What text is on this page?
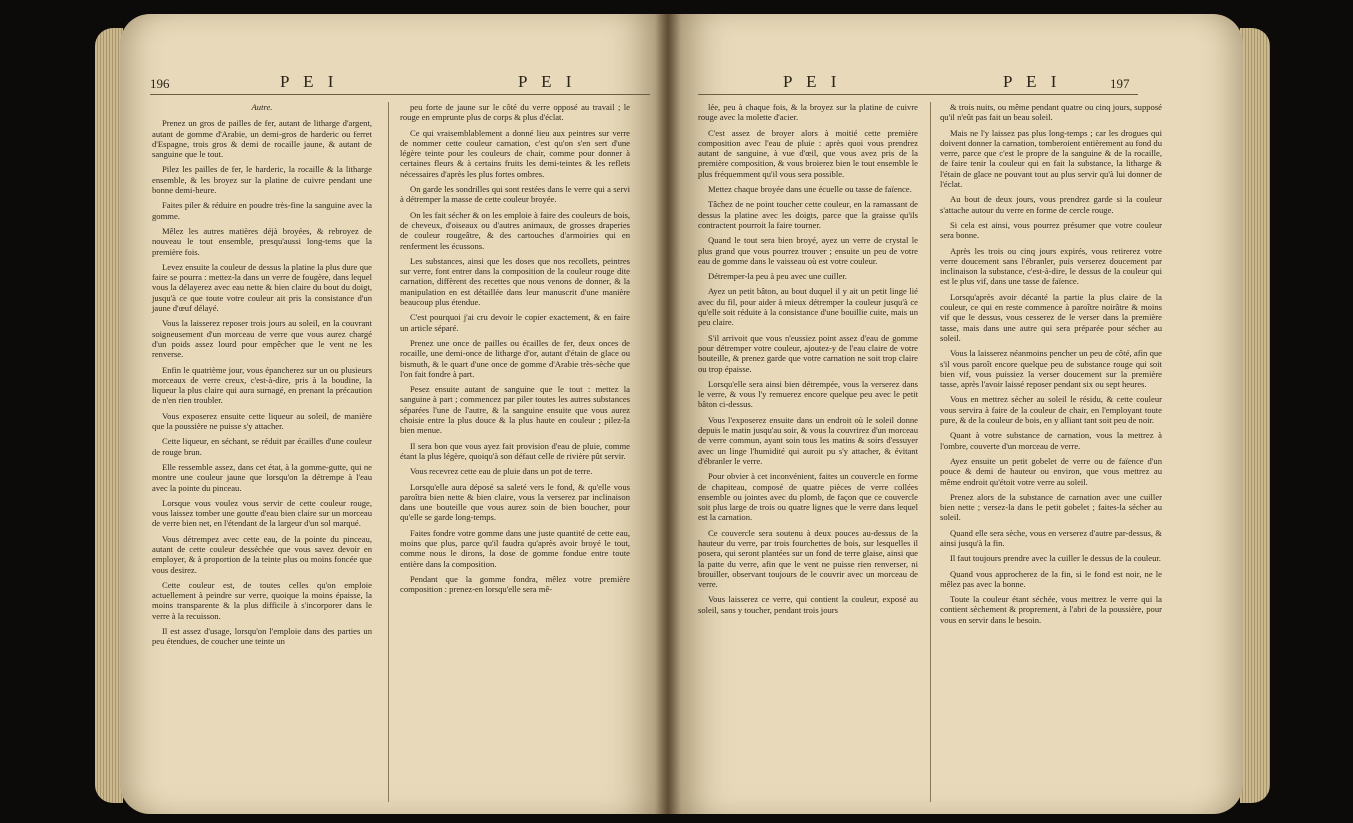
196	P E I	P E I

Autre.

Prenez un gros de pailles de fer, autant de litharge d'argent, autant de gomme d'Arabie, un demi-gros de harderic ou ferret d'Espagne, trois gros & demi de rocaille jaune, & autant de sanguine que le tout.

Pilez les pailles de fer, le harderic, la rocaille & la litharge ensemble, & les broyez sur la platine de cuivre pendant une bonne demi-heure.

Faites piler & réduire en poudre très-fine la sanguine avec la gomme.

Mêlez les autres matières déjà broyées, & rebroyez de nouveau le tout ensemble, presqu'aussi long-tems que la première fois.

Levez ensuite la couleur de dessus la platine la plus dure que faire se pourra : mettez-la dans un verre de fougère, dans lequel vous la délayerez avec eau nette & bien claire du bout du doigt, jusqu'à ce que toute votre couleur ait pris la consistance d'un jaune d'œuf délayé.

Vous la laisserez reposer trois jours au soleil, en la couvrant soigneusement d'un morceau de verre que vous aurez chargé d'un poids assez lourd pour empêcher que le vent ne les renverse.

Enfin le quatrième jour, vous épancherez sur un ou plusieurs morceaux de verre creux, c'est-à-dire, pris à la boudine, la liqueur la plus claire qui aura surnagé, en prenant la précaution de n'en rien troubler.

Vous exposerez ensuite cette liqueur au soleil, de manière que la poussière ne puisse s'y attacher.

Cette liqueur, en séchant, se réduit par écailles d'une couleur de rouge brun.

Elle ressemble assez, dans cet état, à la gomme-gutte, qui ne montre une couleur jaune que lorsqu'on la détrempe à l'eau avec la pointe du pinceau.

Lorsque vous voulez vous servir de cette couleur rouge, vous laissez tomber une goutte d'eau bien claire sur un morceau de verre bien net, en l'étendant de la largeur d'un sol marqué.

Vous détrempez avec cette eau, de la pointe du pinceau, autant de cette couleur desséchée que vous savez devoir en employer, & à proportion de la teinte plus ou moins foncée que vous desirez.

Cette couleur est, de toutes celles qu'on emploie actuellement à peindre sur verre, quoique la moins épaisse, la moins transparente & la plus difficile à s'incorporer dans le verre à la recuisson.

Il est assez d'usage, lorsqu'on l'emploie dans des parties un peu étendues, de coucher une teinte un

peu forte de jaune sur le côté du verre opposé au travail ; le rouge en emprunte plus de corps & plus d'éclat.

Ce qui vraisemblablement a donné lieu aux peintres sur verre de nommer cette couleur carnation, c'est qu'on s'en sert d'une légère teinte pour les couleurs de chair, comme pour donner à certaines fleurs & à certains fruits les demi-teintes & les reflets nécessaires d'après les plus fortes ombres.

On garde les sondrilles qui sont restées dans le verre qui a servi à détremper la masse de cette couleur broyée.

On les fait sécher & on les emploie à faire des couleurs de bois, de cheveux, d'oiseaux ou d'autres animaux, de grosses draperies de couleur rougeâtre, & des cartouches d'armoiries qui en renferment les écussons.

Les substances, ainsi que les doses que nos recollets, peintres sur verre, font entrer dans la composition de la couleur rouge dite carnation, diffèrent des recettes que nous venons de donner, & la manipulation en est détaillée dans leur manuscrit d'une manière beaucoup plus étendue.

C'est pourquoi j'ai cru devoir le copier exactement, & en faire un article séparé.

Prenez une once de pailles ou écailles de fer, deux onces de rocaille, une demi-once de litharge d'or, autant d'étain de glace ou bismuth, & le quart d'une once de gomme d'Arabie très-sèche que l'on fait fondre à part.

Pesez ensuite autant de sanguine que le tout : mettez la sanguine à part ; commencez par piler toutes les autres substances séparées l'une de l'autre, & la sanguine ensuite que vous aurez choisie entre la plus douce & la plus haute en couleur ; pilez-la bien menue.

Il sera bon que vous ayez fait provision d'eau de pluie, comme étant la plus légère, quoiqu'à son défaut celle de rivière pût servir.

Vous recevrez cette eau de pluie dans un pot de terre.

Lorsqu'elle aura déposé sa saleté vers le fond, & qu'elle vous paroîtra bien nette & bien claire, vous la verserez par inclinaison dans une bouteille que vous aurez soin de bien boucher, pour qu'elle se garde long-temps.

Faites fondre votre gomme dans une juste quantité de cette eau, moins que plus, parce qu'il faudra qu'après avoir broyé le tout, comme nous le dirons, la dose de gomme fondue entre toute entière dans la composition.

Pendant que la gomme fondra, mêlez votre première composition : prenez-en lorsqu'elle sera mê-

P E I	P E I	197

lée, peu à chaque fois, & la broyez sur la platine de cuivre rouge avec la molette d'acier.

C'est assez de broyer alors à moitié cette première composition avec l'eau de pluie : après quoi vous prendrez autant de sanguine, à vue d'œil, que vous avez pris de la première composition, & vous broierez bien le tout ensemble le plus fréquemment qu'il vous sera possible.

Mettez chaque broyée dans une écuelle ou tasse de faïence.

Tâchez de ne point toucher cette couleur, en la ramassant de dessus la platine avec les doigts, parce que la graisse qu'ils contractent pourroit la faire tourner.

Quand le tout sera bien broyé, ayez un verre de crystal le plus grand que vous pourrez trouver ; ensuite un peu de votre eau de gomme dans le vaisseau où est votre couleur.

Détremper-la peu à peu avec une cuiller.

Ayez un petit bâton, au bout duquel il y ait un petit linge lié avec du fil, pour aider à mieux détremper la couleur jusqu'à ce qu'elle soit réduite à la consistance d'une bouillie cuite, mais un peu claire.

S'il arrivoit que vous n'eussiez point assez d'eau de gomme pour détremper votre couleur, ajoutez-y de l'eau claire de votre bouteille, & prenez garde que votre carnation ne soit trop claire ou trop épaisse.

Lorsqu'elle sera ainsi bien détrempée, vous la verserez dans le verre, & vous l'y remuerez encore quelque peu avec le petit bâton ci-dessus.

Vous l'exposerez ensuite dans un endroit où le soleil donne depuis le matin jusqu'au soir, & vous la couvrirez d'un morceau de verre commun, ayant soin tous les matins & soirs d'essuyer avec un linge l'humidité qui auroit pu s'y attacher, & évitant d'ébranler le verre.

Pour obvier à cet inconvénient, faites un couvercle en forme de chapiteau, composé de quatre pièces de verre collées ensemble ou jointes avec du plomb, de façon que ce couvercle soit plus large de trois ou quatre lignes que le verre dans lequel est la carnation.

Ce couvercle sera soutenu à deux pouces au-dessus de la hauteur du verre, par trois fourchettes de bois, sur lesquelles il posera, qui seront plantées sur un fond de terre glaise, ainsi que la patte du verre, afin que le vent ne puisse rien renverser, ni brouiller, observant toujours de le couvrir avec un morceau de verre.

Vous laisserez ce verre, qui contient la couleur, exposé au soleil, sans y toucher, pendant trois jours

& trois nuits, ou même pendant quatre ou cinq jours, supposé qu'il n'eût pas fait un beau soleil.

Mais ne l'y laissez pas plus long-temps ; car les drogues qui doivent donner la carnation, tomberoient entièrement au fond du verre, parce que c'est le propre de la sanguine & de la rocaille, de faire tenir la couleur qui en fait la substance, la litharge & l'étain de glace ne pouvant tout au plus servir qu'à lui donner de l'éclat.

Au bout de deux jours, vous prendrez garde si la couleur s'attache autour du verre en forme de cercle rouge.

Si cela est ainsi, vous pourrez présumer que votre couleur sera bonne.

Après les trois ou cinq jours expirés, vous retirerez votre verre doucement sans l'ébranler, puis verserez doucement par inclinaison la substance, c'est-à-dire, le dessus de la couleur qui est le plus vif, dans une tasse de faïence.

Lorsqu'après avoir décanté la partie la plus claire de la couleur, ce qui en reste commence à paroître noirâtre & moins vif que le dessus, vous cesserez de le verser dans la première tasse, mais dans une autre qui sera préparée pour sécher au soleil.

Vous la laisserez néanmoins pencher un peu de côté, afin que s'il vous paroît encore quelque peu de substance rouge qui soit bien vif, vous puissiez la verser doucement sur la première tasse, après l'avoir laissé reposer pendant six ou sept heures.

Vous en mettrez sécher au soleil le résidu, & cette couleur vous servira à faire de la couleur de chair, en l'employant toute pure, & de la couleur de bois, en y alliant tant soit peu de noir.

Quant à votre substance de carnation, vous la mettrez à l'ombre, couverte d'un morceau de verre.

Ayez ensuite un petit gobelet de verre ou de faïence d'un pouce & demi de hauteur ou environ, que vous mettrez au même endroit qu'étoit votre verre au soleil.

Prenez alors de la substance de carnation avec une cuiller bien nette ; versez-la dans le petit gobelet ; faites-la sécher au soleil.

Quand elle sera sèche, vous en verserez d'autre par-dessus, & ainsi jusqu'à la fin.

Il faut toujours prendre avec la cuiller le dessus de la couleur.

Quand vous approcherez de la fin, si le fond est noir, ne le mêlez pas avec la bonne.

Toute la couleur étant séchée, vous mettrez le verre qui la contient sèchement & proprement, à l'abri de la poussière, pour vous en servir dans le besoin.
